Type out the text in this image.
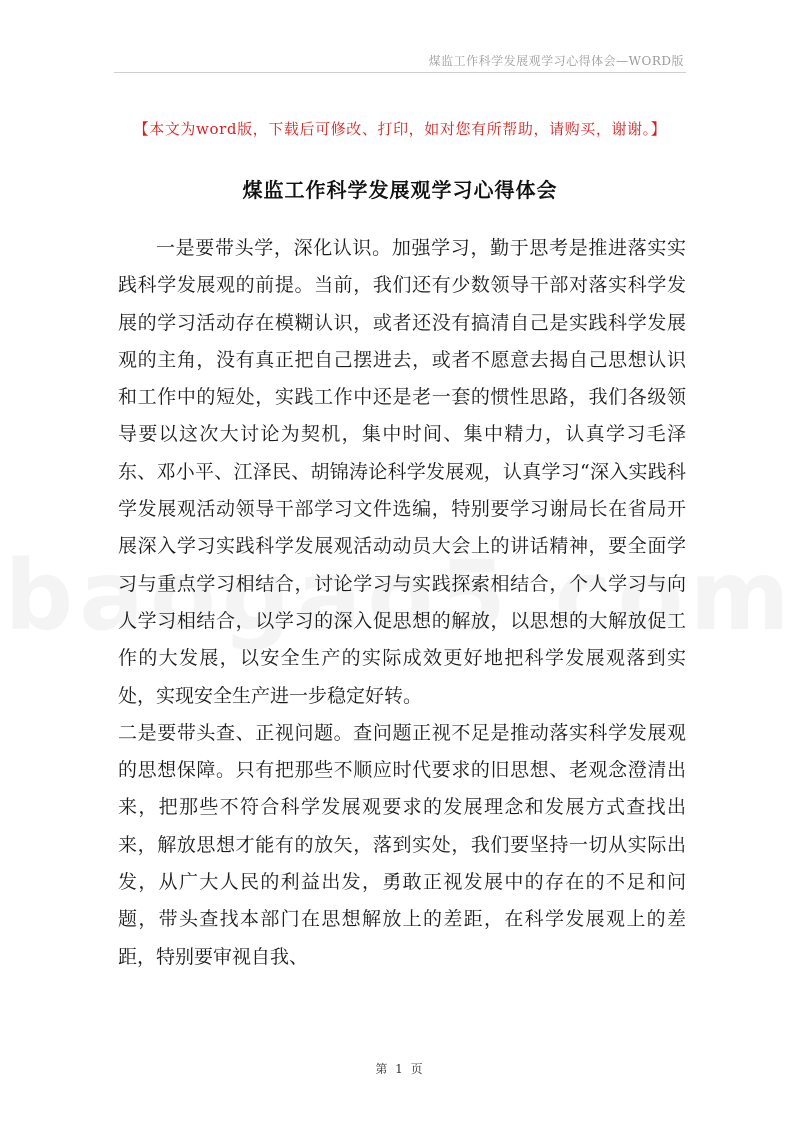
煤监工作科学发展观学习心得体会—WORD版
【本文为word版，下载后可修改、打印，如对您有所帮助，请购买，谢谢。】
煤监工作科学发展观学习心得体会

一是要带头学，深化认识。加强学习，勤于思考是推进落实实践科学发展观的前提。当前，我们还有少数领导干部对落实科学发展的学习活动存在模糊认识，或者还没有搞清自己是实践科学发展观的主角，没有真正把自己摆进去，或者不愿意去揭自己思想认识和工作中的短处，实践工作中还是老一套的惯性思路，我们各级领导要以这次大讨论为契机，集中时间、集中精力，认真学习毛泽东、邓小平、江泽民、胡锦涛论科学发展观，认真学习“深入实践科学发展观活动领导干部学习文件选编，特别要学习谢局长在省局开展深入学习实践科学发展观活动动员大会上的讲话精神，要全面学习与重点学习相结合，讨论学习与实践探索相结合，个人学习与向人学习相结合，以学习的深入促思想的解放，以思想的大解放促工作的大发展，以安全生产的实际成效更好地把科学发展观落到实处，实现安全生产进一步稳定好转。

二是要带头查、正视问题。查问题正视不足是推动落实科学发展观的思想保障。只有把那些不顺应时代要求的旧思想、老观念澄清出来，把那些不符合科学发展观要求的发展理念和发展方式查找出来，解放思想才能有的放矢，落到实处，我们要坚持一切从实际出发，从广大人民的利益出发，勇敢正视发展中的存在的不足和问题，带头查找本部门在思想解放上的差距，在科学发展观上的差距，特别要审视自我、

第 1 页
